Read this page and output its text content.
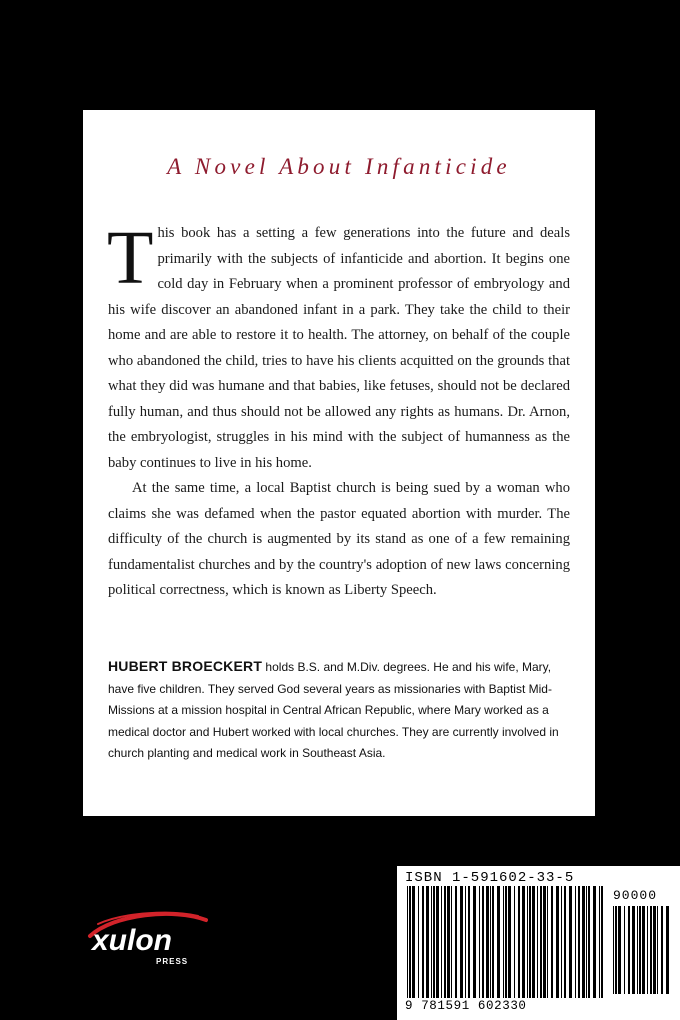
A Novel About Infanticide

This book has a setting a few generations into the future and deals primarily with the subjects of infanticide and abortion. It begins one cold day in February when a prominent professor of embryology and his wife discover an abandoned infant in a park. They take the child to their home and are able to restore it to health. The attorney, on behalf of the couple who abandoned the child, tries to have his clients acquitted on the grounds that what they did was humane and that babies, like fetuses, should not be declared fully human, and thus should not be allowed any rights as humans. Dr. Arnon, the embryologist, struggles in his mind with the subject of humanness as the baby continues to live in his home.

At the same time, a local Baptist church is being sued by a woman who claims she was defamed when the pastor equated abortion with murder. The difficulty of the church is augmented by its stand as one of a few remaining fundamentalist churches and by the country's adoption of new laws concerning political correctness, which is known as Liberty Speech.

HUBERT BROECKERT holds B.S. and M.Div. degrees. He and his wife, Mary, have five children. They served God several years as missionaries with Baptist Mid-Missions at a mission hospital in Central African Republic, where Mary worked as a medical doctor and Hubert worked with local churches. They are currently involved in church planting and medical work in Southeast Asia.

xulon
PRESS
ISBN 1-591602-33-5
90000
9 781591 602330
